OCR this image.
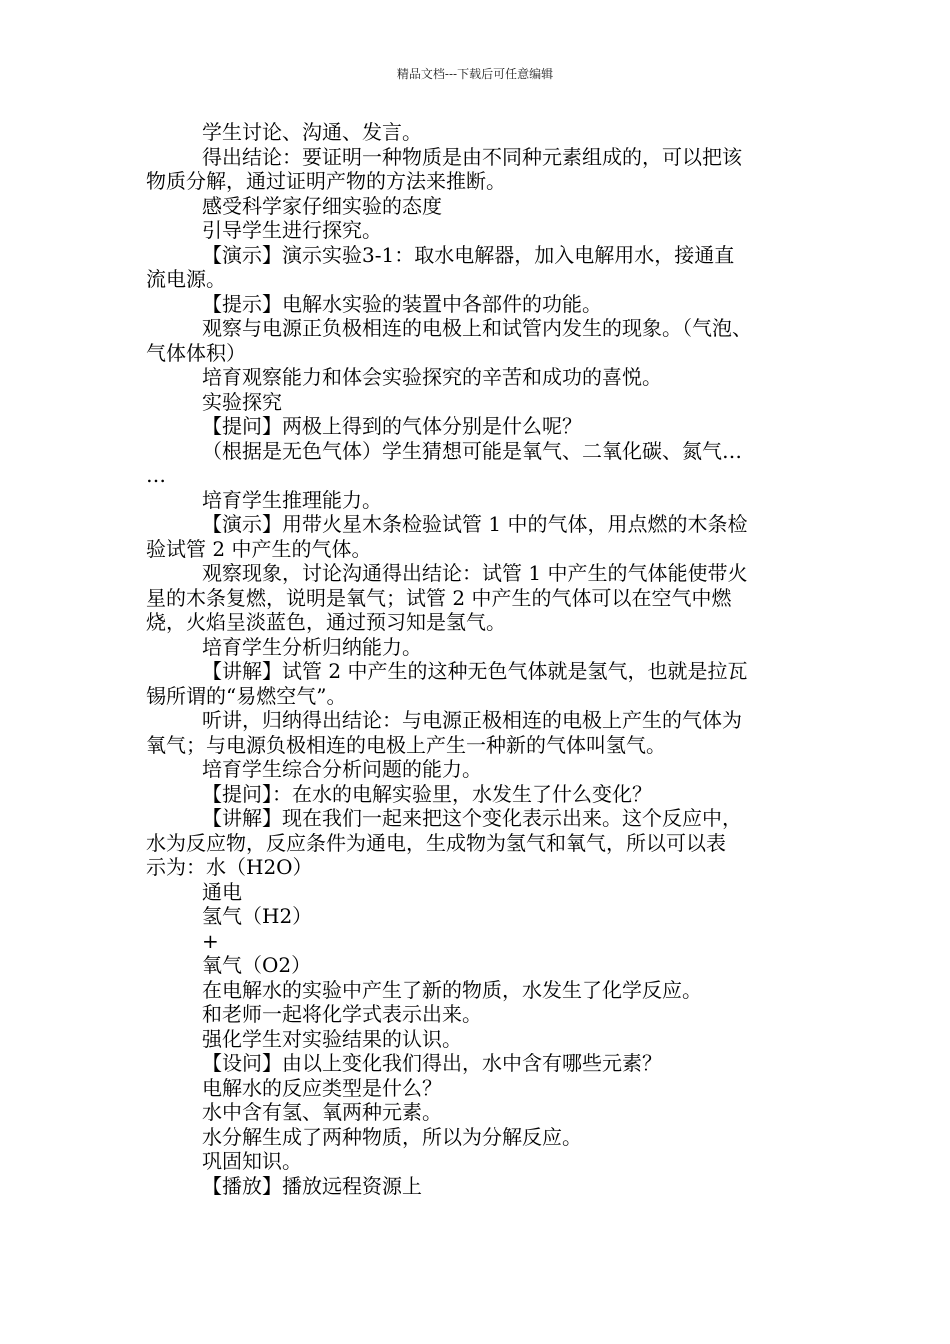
精品文档---下载后可任意编辑
学生讨论、沟通、发言。
得出结论：要证明一种物质是由不同种元素组成的，可以把该
物质分解，通过证明产物的方法来推断。
感受科学家仔细实验的态度
引导学生进行探究。
【演示】演示实验3-1：取水电解器，加入电解用水，接通直
流电源。
【提示】电解水实验的装置中各部件的功能。
观察与电源正负极相连的电极上和试管内发生的现象。（气泡、
气体体积）
培育观察能力和体会实验探究的辛苦和成功的喜悦。
实验探究
【提问】两极上得到的气体分别是什么呢？
（根据是无色气体）学生猜想可能是氧气、二氧化碳、氮气…
…
培育学生推理能力。
【演示】用带火星木条检验试管 1 中的气体，用点燃的木条检
验试管 2 中产生的气体。
观察现象，讨论沟通得出结论：试管 1 中产生的气体能使带火
星的木条复燃，说明是氧气；试管 2 中产生的气体可以在空气中燃
烧，火焰呈淡蓝色，通过预习知是氢气。
培育学生分析归纳能力。
【讲解】试管 2 中产生的这种无色气体就是氢气，也就是拉瓦
锡所谓的“易燃空气”。
听讲，归纳得出结论：与电源正极相连的电极上产生的气体为
氧气；与电源负极相连的电极上产生一种新的气体叫氢气。
培育学生综合分析问题的能力。
【提问】：在水的电解实验里，水发生了什么变化？
【讲解】现在我们一起来把这个变化表示出来。这个反应中，
水为反应物，反应条件为通电，生成物为氢气和氧气，所以可以表
示为：水（H2O）
通电
氢气（H2）
+
氧气（O2）
在电解水的实验中产生了新的物质，水发生了化学反应。
和老师一起将化学式表示出来。
强化学生对实验结果的认识。
【设问】由以上变化我们得出，水中含有哪些元素？
电解水的反应类型是什么？
水中含有氢、氧两种元素。
水分解生成了两种物质，所以为分解反应。
巩固知识。
【播放】播放远程资源上
